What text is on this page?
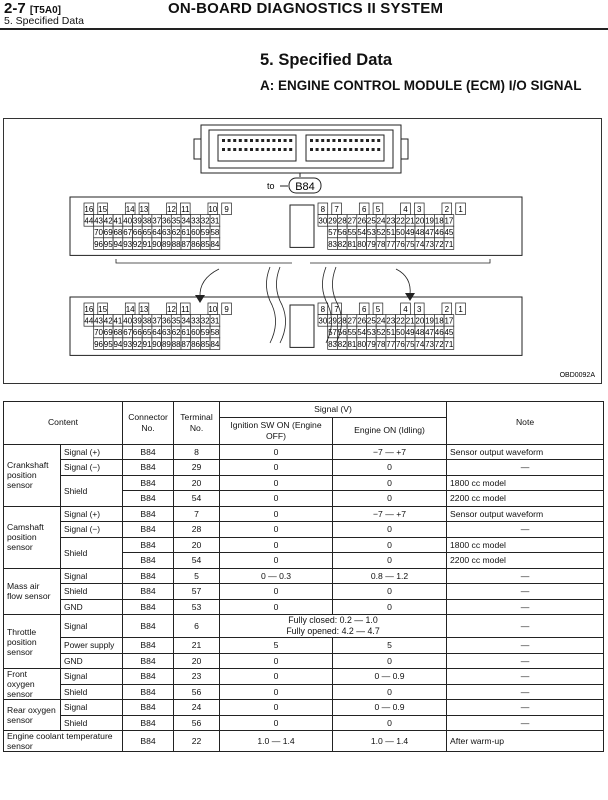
2-7 [T5A0]	ON-BOARD DIAGNOSTICS II SYSTEM
5. Specified Data
5. Specified Data
A: ENGINE CONTROL MODULE (ECM) I/O SIGNAL
to B84
16 15 14 13 12 11 10 9
44 43 42 41 40 39 38 37 36 35 34 33 32 31
70 69 68 67 66 65 64 63 62 61 60 59 58
96 95 94 93 92 91 90 89 88 87 86 85 84
8 7	6 5	4 3	2 1
30 29 28 27 26 25 24 23 22 21 20 19 18 17
57 56 55 54 53 52 51 50 49 48 47 46 45
83 82 81 80 79 78 77 76 75 74 73 72 71
16 15 14 13 12 11 10 9
44 43 42 41 40 39 38 37 36 35 34 33 32 31
70 69 68 67 66 65 64 63 62 61 60 59 58
96 95 94 93 92 91 90 89 88 87 86 85 84
8 7	6 5	4 3	2 1
30 29 28 27 26 25 24 23 22 21 20 19 18 17
57 56 55 54 53 52 51 50 49 48 47 46 45
83 82 81 80 79 78 77 76 75 74 73 72 71
OBD0092A
Content		Connector No.	Terminal No.	Signal (V)		Note
				Ignition SW ON (Engine OFF)	Engine ON (Idling)	
Crankshaft position sensor	Signal (+)	B84	8	0	−7 — +7	Sensor output waveform
	Signal (−)	B84	29	0	0	—
	Shield	B84	20	0	0	1800 cc model
		B84	54	0	0	2200 cc model
Camshaft position sensor	Signal (+)	B84	7	0	−7 — +7	Sensor output waveform
	Signal (−)	B84	28	0	0	—
	Shield	B84	20	0	0	1800 cc model
		B84	54	0	0	2200 cc model
Mass air flow sensor	Signal	B84	5	0 — 0.3	0.8 — 1.2	—
	Shield	B84	57	0	0	—
	GND	B84	53	0	0	—
Throttle position sensor	Signal	B84	6	Fully closed: 0.2 — 1.0
Fully opened: 4.2 — 4.7		—
	Power supply	B84	21	5	5	—
	GND	B84	20	0	0	—
Front oxygen sensor	Signal	B84	23	0	0 — 0.9	—
	Shield	B84	56	0	0	—
Rear oxygen sensor	Signal	B84	24	0	0 — 0.9	—
	Shield	B84	56	0	0	—
Engine coolant temperature sensor		B84	22	1.0 — 1.4	1.0 — 1.4	After warm-up
